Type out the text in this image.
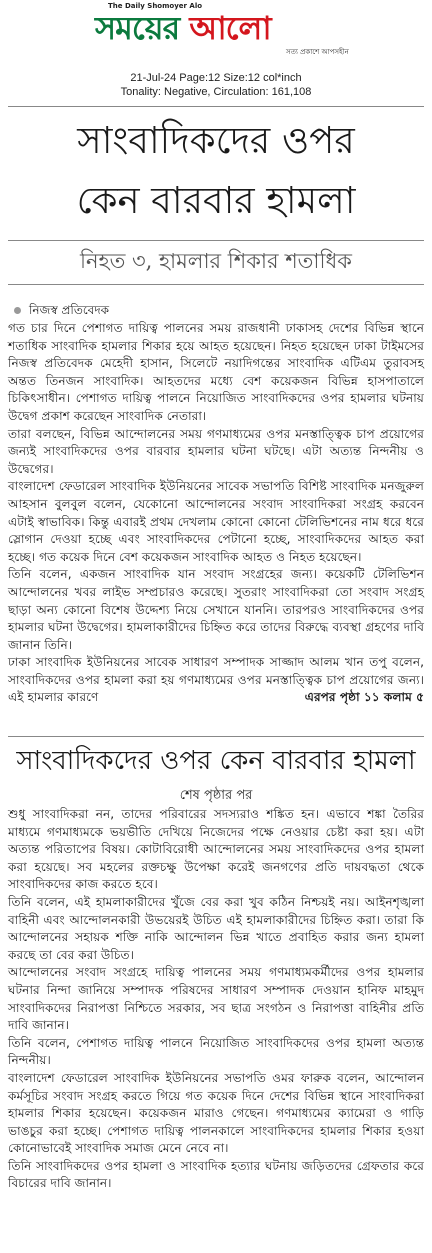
The Daily Shomoyer Alo
সময়ের আলো
সত্য প্রকাশে আপসহীন
21-Jul-24 Page:12 Size:12 col*inch
Tonality: Negative, Circulation: 161,108
সাংবাদিকদের ওপর
কেন বারবার হামলা
নিহত ৩, হামলার শিকার শতাধিক
নিজস্ব প্রতিবেদক

গত চার দিনে পেশাগত দায়িত্ব পালনের সময় রাজধানী ঢাকাসহ দেশের বিভিন্ন স্থানে শতাধিক সাংবাদিক হামলার শিকার হয়ে আহত হয়েছেন। নিহত হয়েছেন ঢাকা টাইমসের নিজস্ব প্রতিবেদক মেহেদী হাসান, সিলেটে নয়াদিগন্তের সাংবাদিক এটিএম তুরাবসহ অন্তত তিনজন সাংবাদিক। আহতদের মধ্যে বেশ কয়েকজন বিভিন্ন হাসপাতালে চিকিৎসাধীন। পেশাগত দায়িত্ব পালনে নিয়োজিত সাংবাদিকদের ওপর হামলার ঘটনায় উদ্বেগ প্রকাশ করেছেন সাংবাদিক নেতারা।

তারা বলছেন, বিভিন্ন আন্দোলনের সময় গণমাধ্যমের ওপর মনস্তাত্ত্বিক চাপ প্রয়োগের জন্যই সাংবাদিকদের ওপর বারবার হামলার ঘটনা ঘটছে। এটা অত্যন্ত নিন্দনীয় ও উদ্বেগের।

বাংলাদেশ ফেডারেল সাংবাদিক ইউনিয়নের সাবেক সভাপতি বিশিষ্ট সাংবাদিক মনজুরুল আহসান বুলবুল বলেন, যেকোনো আন্দোলনের সংবাদ সাংবাদিকরা সংগ্রহ করবেন এটাই স্বাভাবিক। কিন্তু এবারই প্রথম দেখলাম কোনো কোনো টেলিভিশনের নাম ধরে ধরে স্লোগান দেওয়া হচ্ছে এবং সাংবাদিকদের পেটানো হচ্ছে, সাংবাদিকদের আহত করা হচ্ছে। গত কয়েক দিনে বেশ কয়েকজন সাংবাদিক আহত ও নিহত হয়েছেন।

তিনি বলেন, একজন সাংবাদিক যান সংবাদ সংগ্রহের জন্য। কয়েকটি টেলিভিশন আন্দোলনের খবর লাইভ সম্প্রচারও করেছে। সুতরাং সাংবাদিকরা তো সংবাদ সংগ্রহ ছাড়া অন্য কোনো বিশেষ উদ্দেশ্য নিয়ে সেখানে যাননি। তারপরও সাংবাদিকদের ওপর হামলার ঘটনা উদ্বেগের। হামলাকারীদের চিহ্নিত করে তাদের বিরুদ্ধে ব্যবস্থা গ্রহণের দাবি জানান তিনি।

ঢাকা সাংবাদিক ইউনিয়নের সাবেক সাধারণ সম্পাদক সাজ্জাদ আলম খান তপু বলেন, সাংবাদিকদের ওপর হামলা করা হয় গণমাধ্যমের ওপর মনস্তাত্ত্বিক চাপ প্রয়োগের জন্য। এই হামলার কারণে	এরপর পৃষ্ঠা ১১ কলাম ৫

সাংবাদিকদের ওপর কেন বারবার হামলা
শেষ পৃষ্ঠার পর

শুধু সাংবাদিকরা নন, তাদের পরিবারের সদস্যরাও শঙ্কিত হন। এভাবে শঙ্কা তৈরির মাধ্যমে গণমাধ্যমকে ভয়ভীতি দেখিয়ে নিজেদের পক্ষে নেওয়ার চেষ্টা করা হয়। এটা অত্যন্ত পরিতাপের বিষয়। কোটাবিরোধী আন্দোলনের সময় সাংবাদিকদের ওপর হামলা করা হয়েছে। সব মহলের রক্তচক্ষু উপেক্ষা করেই জনগণের প্রতি দায়বদ্ধতা থেকে সাংবাদিকদের কাজ করতে হবে।

তিনি বলেন, এই হামলাকারীদের খুঁজে বের করা খুব কঠিন নিশ্চয়ই নয়। আইনশৃঙ্খলা বাহিনী এবং আন্দোলনকারী উভয়েরই উচিত এই হামলাকারীদের চিহ্নিত করা। তারা কি আন্দোলনের সহায়ক শক্তি নাকি আন্দোলন ভিন্ন খাতে প্রবাহিত করার জন্য হামলা করছে তা বের করা উচিত।

আন্দোলনের সংবাদ সংগ্রহে দায়িত্ব পালনের সময় গণমাধ্যমকর্মীদের ওপর হামলার ঘটনার নিন্দা জানিয়ে সম্পাদক পরিষদের সাধারণ সম্পাদক দেওয়ান হানিফ মাহমুদ সাংবাদিকদের নিরাপত্তা নিশ্চিতে সরকার, সব ছাত্র সংগঠন ও নিরাপত্তা বাহিনীর প্রতি দাবি জানান।

তিনি বলেন, পেশাগত দায়িত্ব পালনে নিয়োজিত সাংবাদিকদের ওপর হামলা অত্যন্ত নিন্দনীয়।

বাংলাদেশ ফেডারেল সাংবাদিক ইউনিয়নের সভাপতি ওমর ফারুক বলেন, আন্দোলন কর্মসূচির সংবাদ সংগ্রহ করতে গিয়ে গত কয়েক দিনে দেশের বিভিন্ন স্থানে সাংবাদিকরা হামলার শিকার হয়েছেন। কয়েকজন মারাও গেছেন। গণমাধ্যমের ক্যামেরা ও গাড়ি ভাঙচুর করা হচ্ছে। পেশাগত দায়িত্ব পালনকালে সাংবাদিকদের হামলার শিকার হওয়া কোনোভাবেই সাংবাদিক সমাজ মেনে নেবে না।

তিনি সাংবাদিকদের ওপর হামলা ও সাংবাদিক হত্যার ঘটনায় জড়িতদের গ্রেফতার করে বিচারের দাবি জানান।
